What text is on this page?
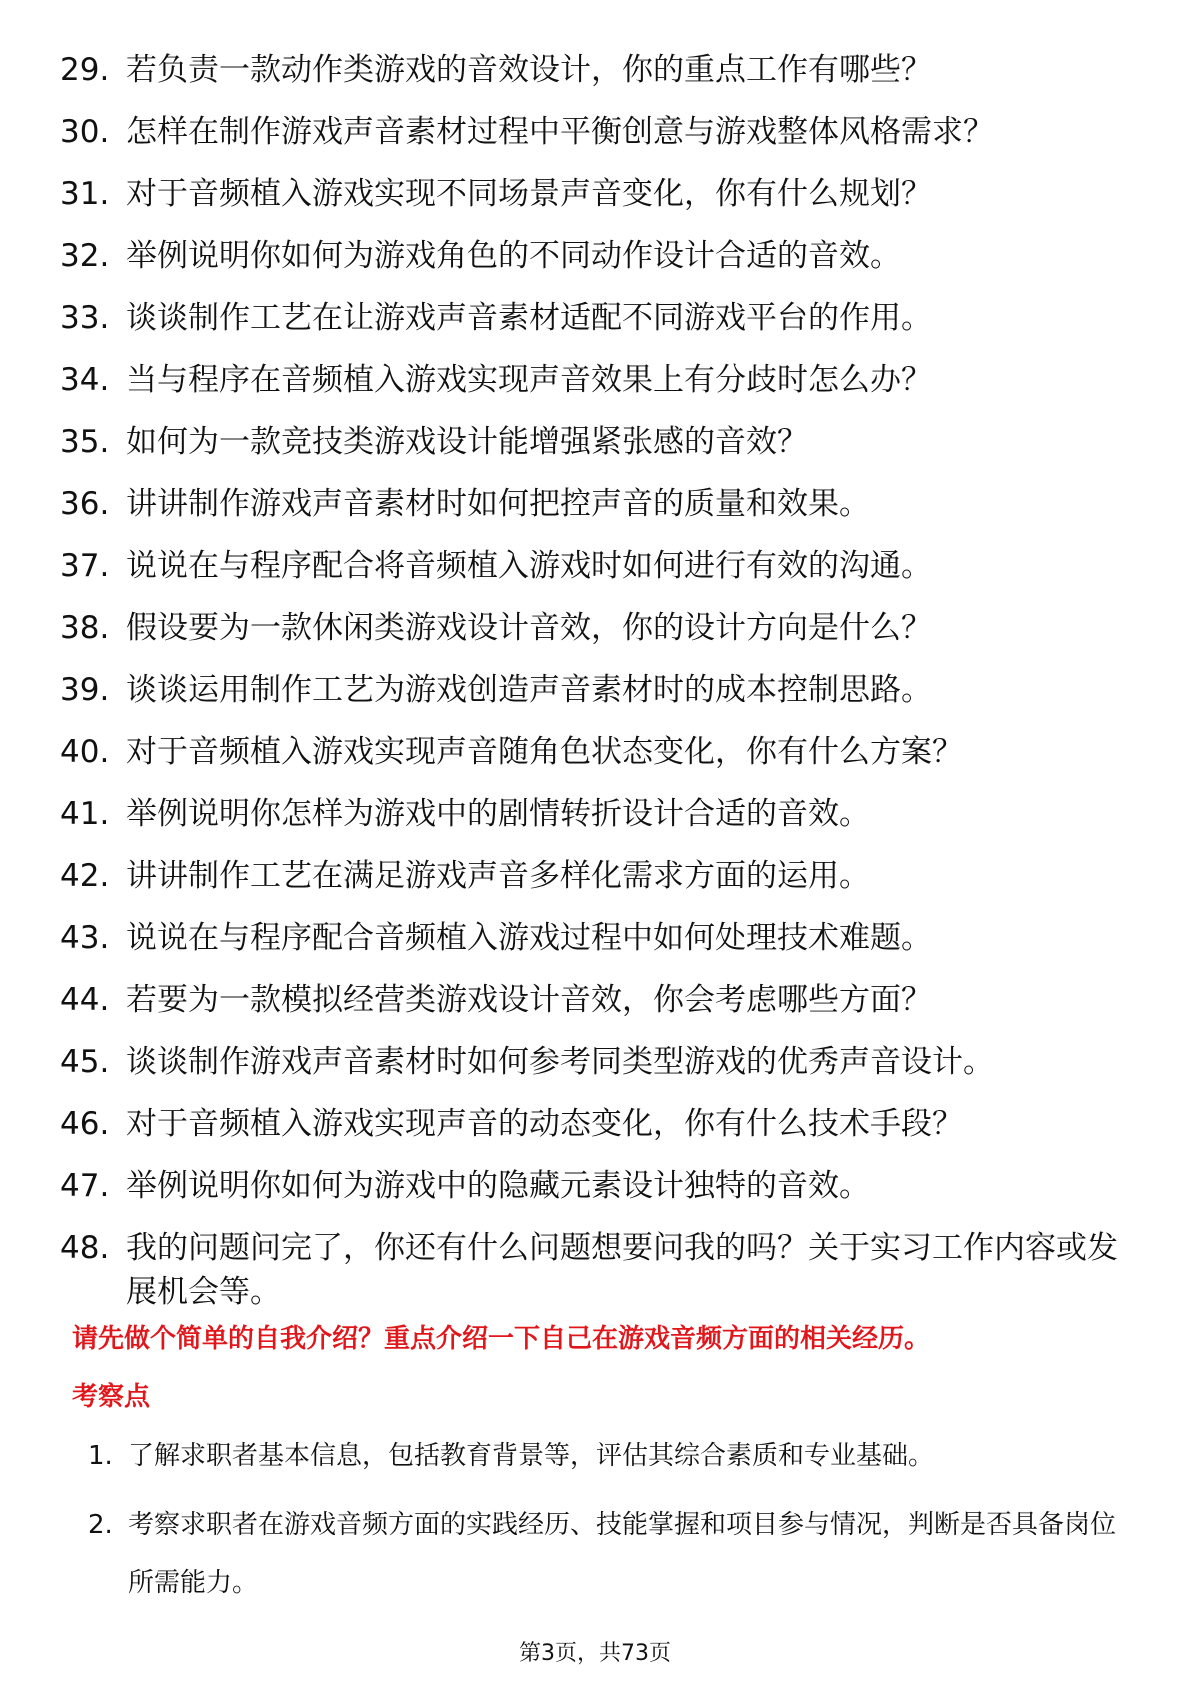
29. 若负责一款动作类游戏的音效设计，你的重点工作有哪些？
30. 怎样在制作游戏声音素材过程中平衡创意与游戏整体风格需求？
31. 对于音频植入游戏实现不同场景声音变化，你有什么规划？
32. 举例说明你如何为游戏角色的不同动作设计合适的音效。
33. 谈谈制作工艺在让游戏声音素材适配不同游戏平台的作用。
34. 当与程序在音频植入游戏实现声音效果上有分歧时怎么办？
35. 如何为一款竞技类游戏设计能增强紧张感的音效？
36. 讲讲制作游戏声音素材时如何把控声音的质量和效果。
37. 说说在与程序配合将音频植入游戏时如何进行有效的沟通。
38. 假设要为一款休闲类游戏设计音效，你的设计方向是什么？
39. 谈谈运用制作工艺为游戏创造声音素材时的成本控制思路。
40. 对于音频植入游戏实现声音随角色状态变化，你有什么方案？
41. 举例说明你怎样为游戏中的剧情转折设计合适的音效。
42. 讲讲制作工艺在满足游戏声音多样化需求方面的运用。
43. 说说在与程序配合音频植入游戏过程中如何处理技术难题。
44. 若要为一款模拟经营类游戏设计音效，你会考虑哪些方面？
45. 谈谈制作游戏声音素材时如何参考同类型游戏的优秀声音设计。
46. 对于音频植入游戏实现声音的动态变化，你有什么技术手段？
47. 举例说明你如何为游戏中的隐藏元素设计独特的音效。
48. 我的问题问完了，你还有什么问题想要问我的吗？关于实习工作内容或发展机会等。
请先做个简单的自我介绍？重点介绍一下自己在游戏音频方面的相关经历。
考察点
1. 了解求职者基本信息，包括教育背景等，评估其综合素质和专业基础。
2. 考察求职者在游戏音频方面的实践经历、技能掌握和项目参与情况，判断是否具备岗位所需能力。
第3页，共73页
